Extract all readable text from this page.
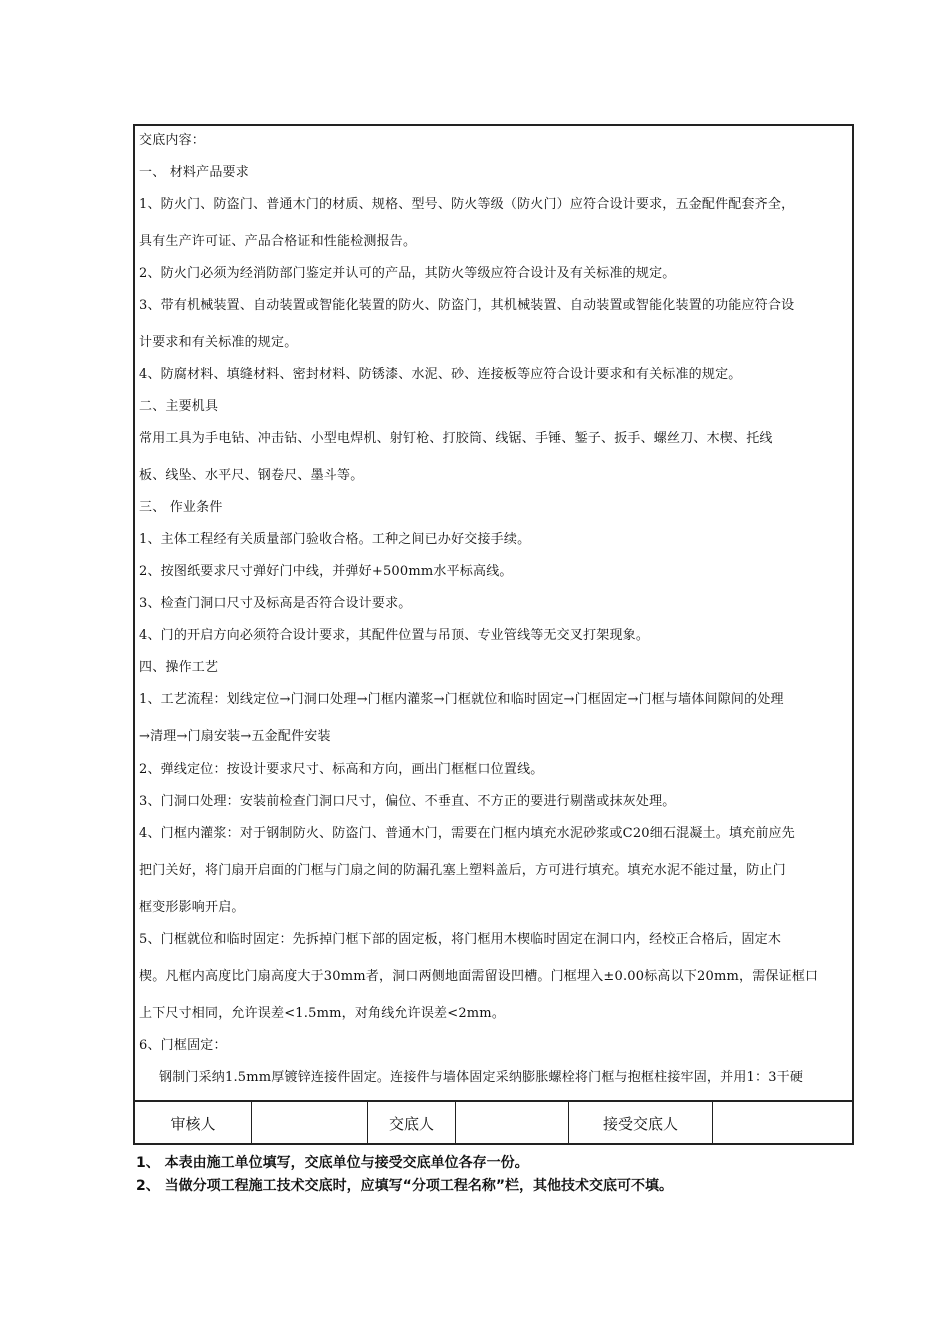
交底内容：
一、 材料产品要求
1、防火门、防盗门、普通木门的材质、规格、型号、防火等级（防火门）应符合设计要求，五金配件配套齐全，
具有生产许可证、产品合格证和性能检测报告。
2、防火门必须为经消防部门鉴定并认可的产品，其防火等级应符合设计及有关标准的规定。
3、带有机械装置、自动装置或智能化装置的防火、防盗门，其机械装置、自动装置或智能化装置的功能应符合设
计要求和有关标准的规定。
4、防腐材料、填缝材料、密封材料、防锈漆、水泥、砂、连接板等应符合设计要求和有关标准的规定。
二、主要机具
常用工具为手电钻、冲击钻、小型电焊机、射钉枪、打胶筒、线锯、手锤、錾子、扳手、螺丝刀、木楔、托线
板、线坠、水平尺、钢卷尺、墨斗等。
三、 作业条件
1、主体工程经有关质量部门验收合格。工种之间已办好交接手续。
2、按图纸要求尺寸弹好门中线，并弹好+500mm水平标高线。
3、检查门洞口尺寸及标高是否符合设计要求。
4、门的开启方向必须符合设计要求，其配件位置与吊顶、专业管线等无交叉打架现象。
四、操作工艺
1、工艺流程：划线定位→门洞口处理→门框内灌浆→门框就位和临时固定→门框固定→门框与墙体间隙间的处理
→清理→门扇安装→五金配件安装
2、弹线定位：按设计要求尺寸、标高和方向，画出门框框口位置线。
3、门洞口处理：安装前检查门洞口尺寸，偏位、不垂直、不方正的要进行剔凿或抹灰处理。
4、门框内灌浆：对于钢制防火、防盗门、普通木门，需要在门框内填充水泥砂浆或C20细石混凝土。填充前应先
把门关好，将门扇开启面的门框与门扇之间的防漏孔塞上塑料盖后，方可进行填充。填充水泥不能过量，防止门
框变形影响开启。
5、门框就位和临时固定：先拆掉门框下部的固定板，将门框用木楔临时固定在洞口内，经校正合格后，固定木
楔。凡框内高度比门扇高度大于30mm者，洞口两侧地面需留设凹槽。门框埋入±0.00标高以下20mm，需保证框口
上下尺寸相同，允许误差<1.5mm，对角线允许误差<2mm。
6、门框固定：
钢制门采纳1.5mm厚镀锌连接件固定。连接件与墙体固定采纳膨胀螺栓将门框与抱框柱接牢固，并用1：3干硬
审核人	交底人	接受交底人
1、 本表由施工单位填写，交底单位与接受交底单位各存一份。
2、 当做分项工程施工技术交底时，应填写“分项工程名称”栏，其他技术交底可不填。
